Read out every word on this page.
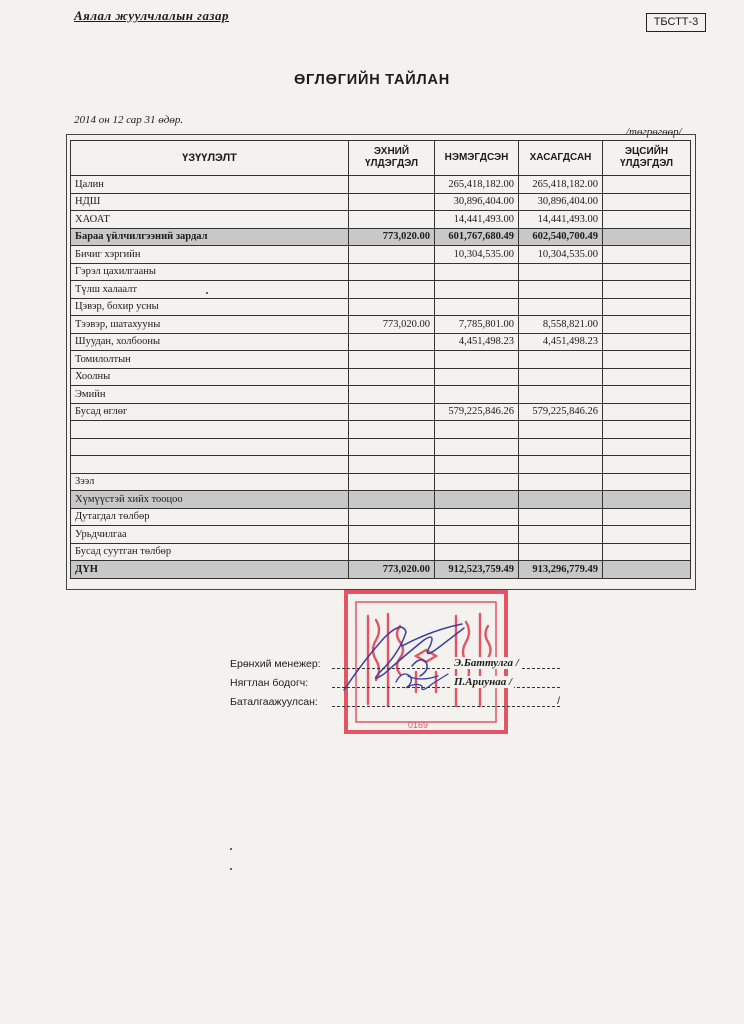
Аялал жуулчлалын газар	ТБСТТ-3
ӨГЛӨГИЙН ТАЙЛАН
2014 он 12 сар 31 өдөр.
/төгрөгөөр/
ҮЗҮҮЛЭЛТ	ЭХНИЙ ҮЛДЭГДЭЛ	НЭМЭГДСЭН	ХАСАГДСАН	ЭЦСИЙН ҮЛДЭГДЭЛ
Цалин		265,418,182.00	265,418,182.00	
НДШ		30,896,404.00	30,896,404.00	
ХАОАТ		14,441,493.00	14,441,493.00	
Бараа үйлчилгээний зардал	773,020.00	601,767,680.49	602,540,700.49	
Бичиг хэргийн		10,304,535.00	10,304,535.00	
Гэрэл цахилгааны				
Түлш халаалт				
Цэвэр, бохир усны				
Тээвэр, шатахууны	773,020.00	7,785,801.00	8,558,821.00	
Шуудан, холбооны		4,451,498.23	4,451,498.23	
Томилолтын				
Хоолны				
Эмийн				
Бусад өглөг		579,225,846.26	579,225,846.26	

Зээл				
Хүмүүстэй хийх тооцоо				
Дутагдал төлбөр				
Урьдчилгаа				
Бусад суутган төлбөр				
ДҮН	773,020.00	912,523,759.49	913,296,779.49	
0169
Ерөнхий менежер:	Э.Баттулга /
Нягтлан бодогч:	П.Ариунаа /
Баталгаажуулсан:	/
